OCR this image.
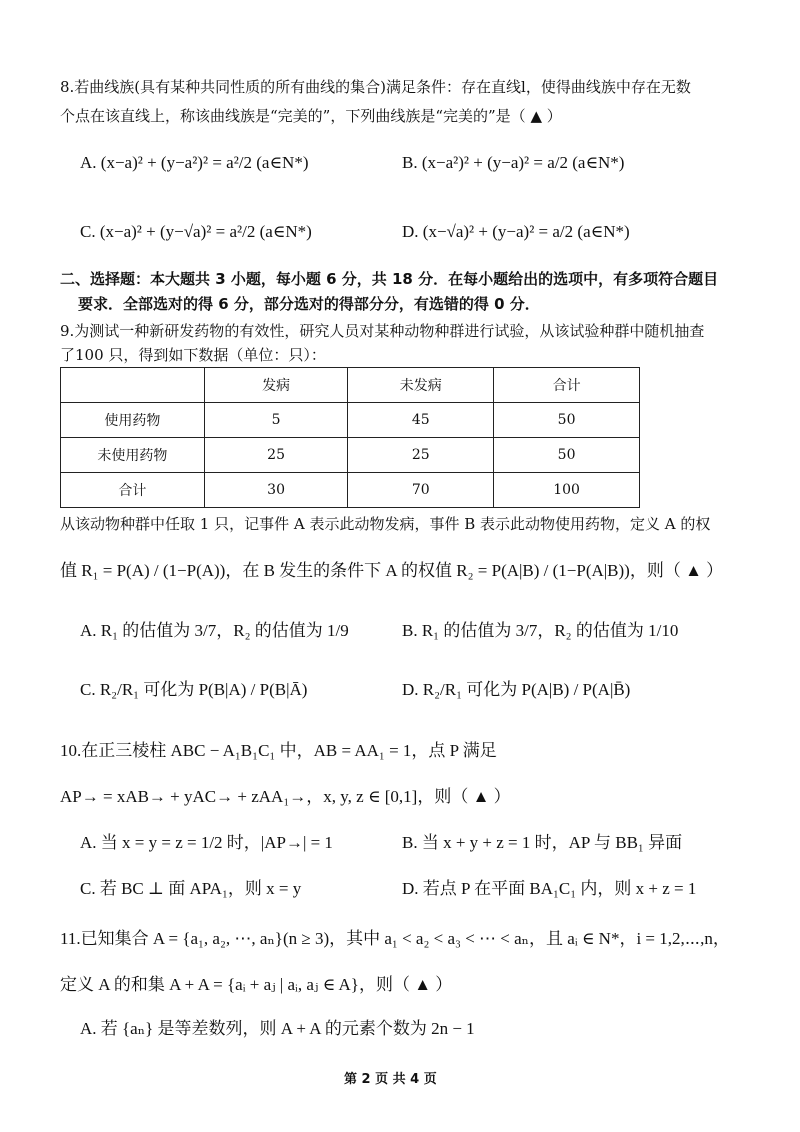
8.若曲线族(具有某种共同性质的所有曲线的集合)满足条件：存在直线l，使得曲线族中存在无数
个点在该直线上，称该曲线族是“完美的”，下列曲线族是“完美的”是（ ▲ ）
A. (x−a)² + (y−a²)² = a²/2 (a∈N*)	B. (x−a²)² + (y−a)² = a/2 (a∈N*)
C. (x−a)² + (y−√a)² = a²/2 (a∈N*)	D. (x−√a)² + (y−a)² = a/2 (a∈N*)
二、选择题：本大题共 3 小题，每小题 6 分，共 18 分．在每小题给出的选项中，有多项符合题目
要求．全部选对的得 6 分，部分选对的得部分分，有选错的得 0 分．
9.为测试一种新研发药物的有效性，研究人员对某种动物种群进行试验，从该试验种群中随机抽查
了100 只，得到如下数据（单位：只）：
	发病	未发病	合计
使用药物	5	45	50
未使用药物	25	25	50
合计	30	70	100
从该动物种群中任取 1 只，记事件 A 表示此动物发病，事件 B 表示此动物使用药物，定义 A 的权
值 R₁ = P(A) / (1−P(A))，在 B 发生的条件下 A 的权值 R₂ = P(A|B) / (1−P(A|B))，则（ ▲ ）
A. R₁ 的估值为 3/7，R₂ 的估值为 1/9	B. R₁ 的估值为 3/7，R₂ 的估值为 1/10
C. R₂/R₁ 可化为 P(B|A) / P(B|Ā)	D. R₂/R₁ 可化为 P(A|B) / P(A|B̄)
10.在正三棱柱 ABC − A₁B₁C₁ 中，AB = AA₁ = 1，点 P 满足
AP→ = xAB→ + yAC→ + zAA₁→，x, y, z ∈ [0,1]，则（ ▲ ）
A. 当 x = y = z = 1/2 时，|AP→| = 1	B. 当 x + y + z = 1 时，AP 与 BB₁ 异面
C. 若 BC ⊥ 面 APA₁，则 x = y	D. 若点 P 在平面 BA₁C₁ 内，则 x + z = 1
11.已知集合 A = {a₁, a₂, ⋯, aₙ}(n ≥ 3)，其中 a₁ < a₂ < a₃ < ⋯ < aₙ，且 aᵢ ∈ N*，i = 1,2,⋯,n，
定义 A 的和集 A + A = {aᵢ + aⱼ | aᵢ, aⱼ ∈ A}，则（ ▲ ）
A. 若 {aₙ} 是等差数列，则 A + A 的元素个数为 2n − 1
第 2 页 共 4 页
